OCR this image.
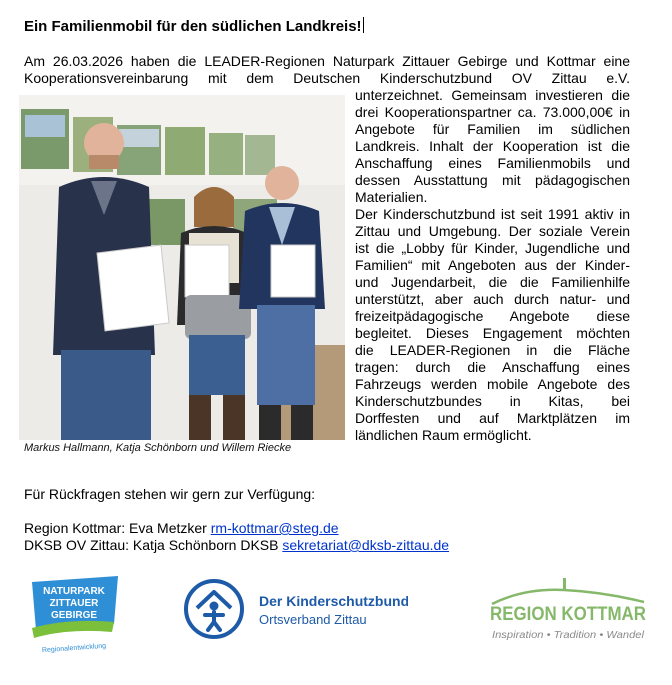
Ein Familienmobil für den südlichen Landkreis!
Am 26.03.2026 haben die LEADER-Regionen Naturpark Zittauer Gebirge und Kottmar eine
Kooperationsvereinbarung mit dem Deutschen Kinderschutzbund OV Zittau e.V.
unterzeichnet. Gemeinsam investieren die
drei Kooperationspartner ca. 73.000,00€ in
Angebote für Familien im südlichen
Landkreis. Inhalt der Kooperation ist die
Anschaffung eines Familienmobils und
dessen Ausstattung mit pädagogischen
Materialien.
Der Kinderschutzbund ist seit 1991 aktiv in
Zittau und Umgebung. Der soziale Verein
ist die „Lobby für Kinder, Jugendliche und
Familien“ mit Angeboten aus der Kinder-
und Jugendarbeit, die die Familienhilfe
unterstützt, aber auch durch natur- und
freizeitpädagogische Angebote diese
begleitet. Dieses Engagement möchten
die LEADER-Regionen in die Fläche
tragen: durch die Anschaffung eines
Fahrzeugs werden mobile Angebote des
Kinderschutzbundes in Kitas, bei
Dorffesten und auf Marktplätzen im
ländlichen Raum ermöglicht.
Markus Hallmann, Katja Schönborn und Willem Riecke
Für Rückfragen stehen wir gern zur Verfügung:
Region Kottmar: Eva Metzker rm-kottmar@steg.de
DKSB OV Zittau: Katja Schönborn DKSB sekretariat@dksb-zittau.de
NATURPARK
ZITTAUER
GEBIRGE
Regionalentwicklung
Der Kinderschutzbund
Ortsverband Zittau	REGION KOTTMAR
Inspiration • Tradition • Wandel
